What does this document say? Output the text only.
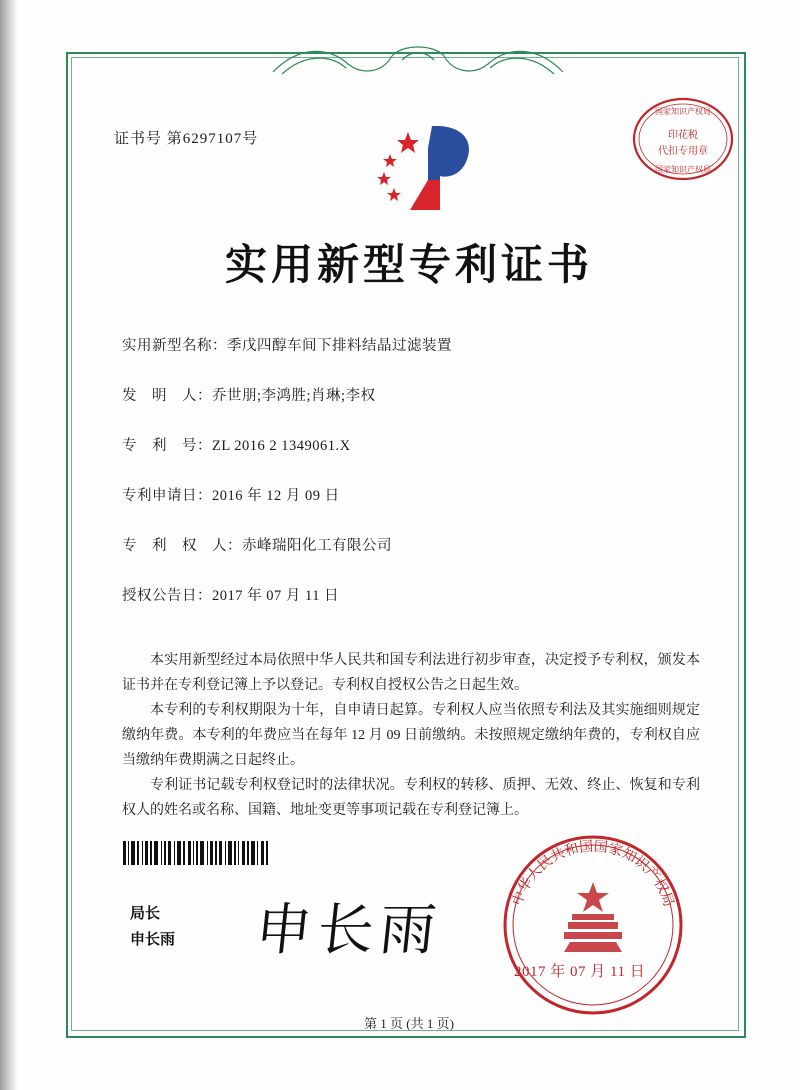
证书号 第6297107号
国家知识产权局
印花税
代扣专用章
国家知识产权局
实用新型专利证书
实用新型名称：季戊四醇车间下排料结晶过滤装置
发　明　人：乔世朋;李鸿胜;肖琳;李权
专　利　号：ZL 2016 2 1349061.X
专利申请日：2016 年 12 月 09 日
专　利　权　人：赤峰瑞阳化工有限公司
授权公告日：2017 年 07 月 11 日

本实用新型经过本局依照中华人民共和国专利法进行初步审查，决定授予专利权，颁发本证书并在专利登记簿上予以登记。专利权自授权公告之日起生效。

本专利的专利权期限为十年，自申请日起算。专利权人应当依照专利法及其实施细则规定缴纳年费。本专利的年费应当在每年 12 月 09 日前缴纳。未按照规定缴纳年费的，专利权自应当缴纳年费期满之日起终止。

专利证书记载专利权登记时的法律状况。专利权的转移、质押、无效、终止、恢复和专利权人的姓名或名称、国籍、地址变更等事项记载在专利登记簿上。

局长
申长雨 申长雨	中华人民共和国国家知识产权局
2017 年 07 月 11 日
第 1 页 (共 1 页)
